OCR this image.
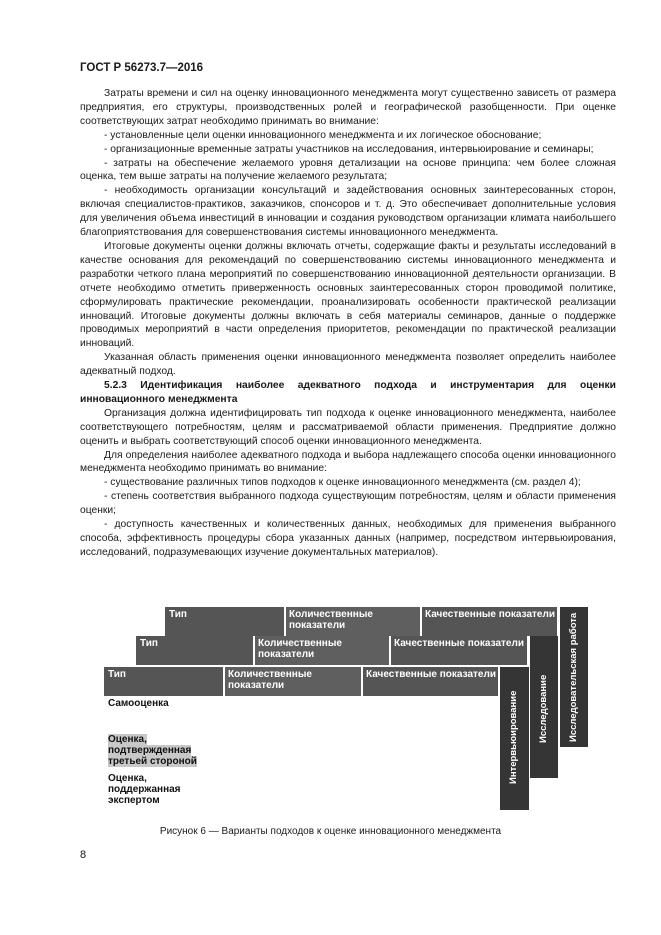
ГОСТ Р 56273.7—2016

Затраты времени и сил на оценку инновационного менеджмента могут существенно зависеть от размера предприятия, его структуры, производственных ролей и географической разобщенности. При оценке соответствующих затрат необходимо принимать во внимание:

- установленные цели оценки инновационного менеджмента и их логическое обоснование;

- организационные временные затраты участников на исследования, интервьюирование и семинары;

- затраты на обеспечение желаемого уровня детализации на основе принципа: чем более сложная оценка, тем выше затраты на получение желаемого результата;

- необходимость организации консультаций и задействования основных заинтересованных сторон, включая специалистов-практиков, заказчиков, спонсоров и т. д. Это обеспечивает дополнительные условия для увеличения объема инвестиций в инновации и создания руководством организации климата наибольшего благоприятствования для совершенствования системы инновационного менеджмента.

Итоговые документы оценки должны включать отчеты, содержащие факты и результаты исследований в качестве основания для рекомендаций по совершенствованию системы инновационного менеджмента и разработки четкого плана мероприятий по совершенствованию инновационной деятельности организации. В отчете необходимо отметить приверженность основных заинтересованных сторон проводимой политике, сформулировать практические рекомендации, проанализировать особенности практической реализации инноваций. Итоговые документы должны включать в себя материалы семинаров, данные о поддержке проводимых мероприятий в части определения приоритетов, рекомендации по практической реализации инноваций.

Указанная область применения оценки инновационного менеджмента позволяет определить наиболее адекватный подход.

5.2.3 Идентификация наиболее адекватного подхода и инструментария для оценки инновационного менеджмента

Организация должна идентифицировать тип подхода к оценке инновационного менеджмента, наиболее соответствующего потребностям, целям и рассматриваемой области применения. Предприятие должно оценить и выбрать соответствующий способ оценки инновационного менеджмента.

Для определения наиболее адекватного подхода и выбора надлежащего способа оценки инновационного менеджмента необходимо принимать во внимание:

- существование различных типов подходов к оценке инновационного менеджмента (см. раздел 4);

- степень соответствия выбранного подхода существующим потребностям, целям и области применения оценки;

- доступность качественных и количественных данных, необходимых для применения выбранного способа, эффективность процедуры сбора указанных данных (например, посредством интервьюирования, исследований, подразумевающих изучение документальных материалов).

Тип	Количественные показатели
Качественные показатели
Тип	Количественные показатели
Качественные показатели
Тип	Количественные показатели
Качественные показатели
Интервьюирование Исследование Исследовательская работа
Самооценка
Оценка, подтвержденная третьей стороной
Оценка, поддержанная экспертом
Рисунок 6 — Варианты подходов к оценке инновационного менеджмента
8
